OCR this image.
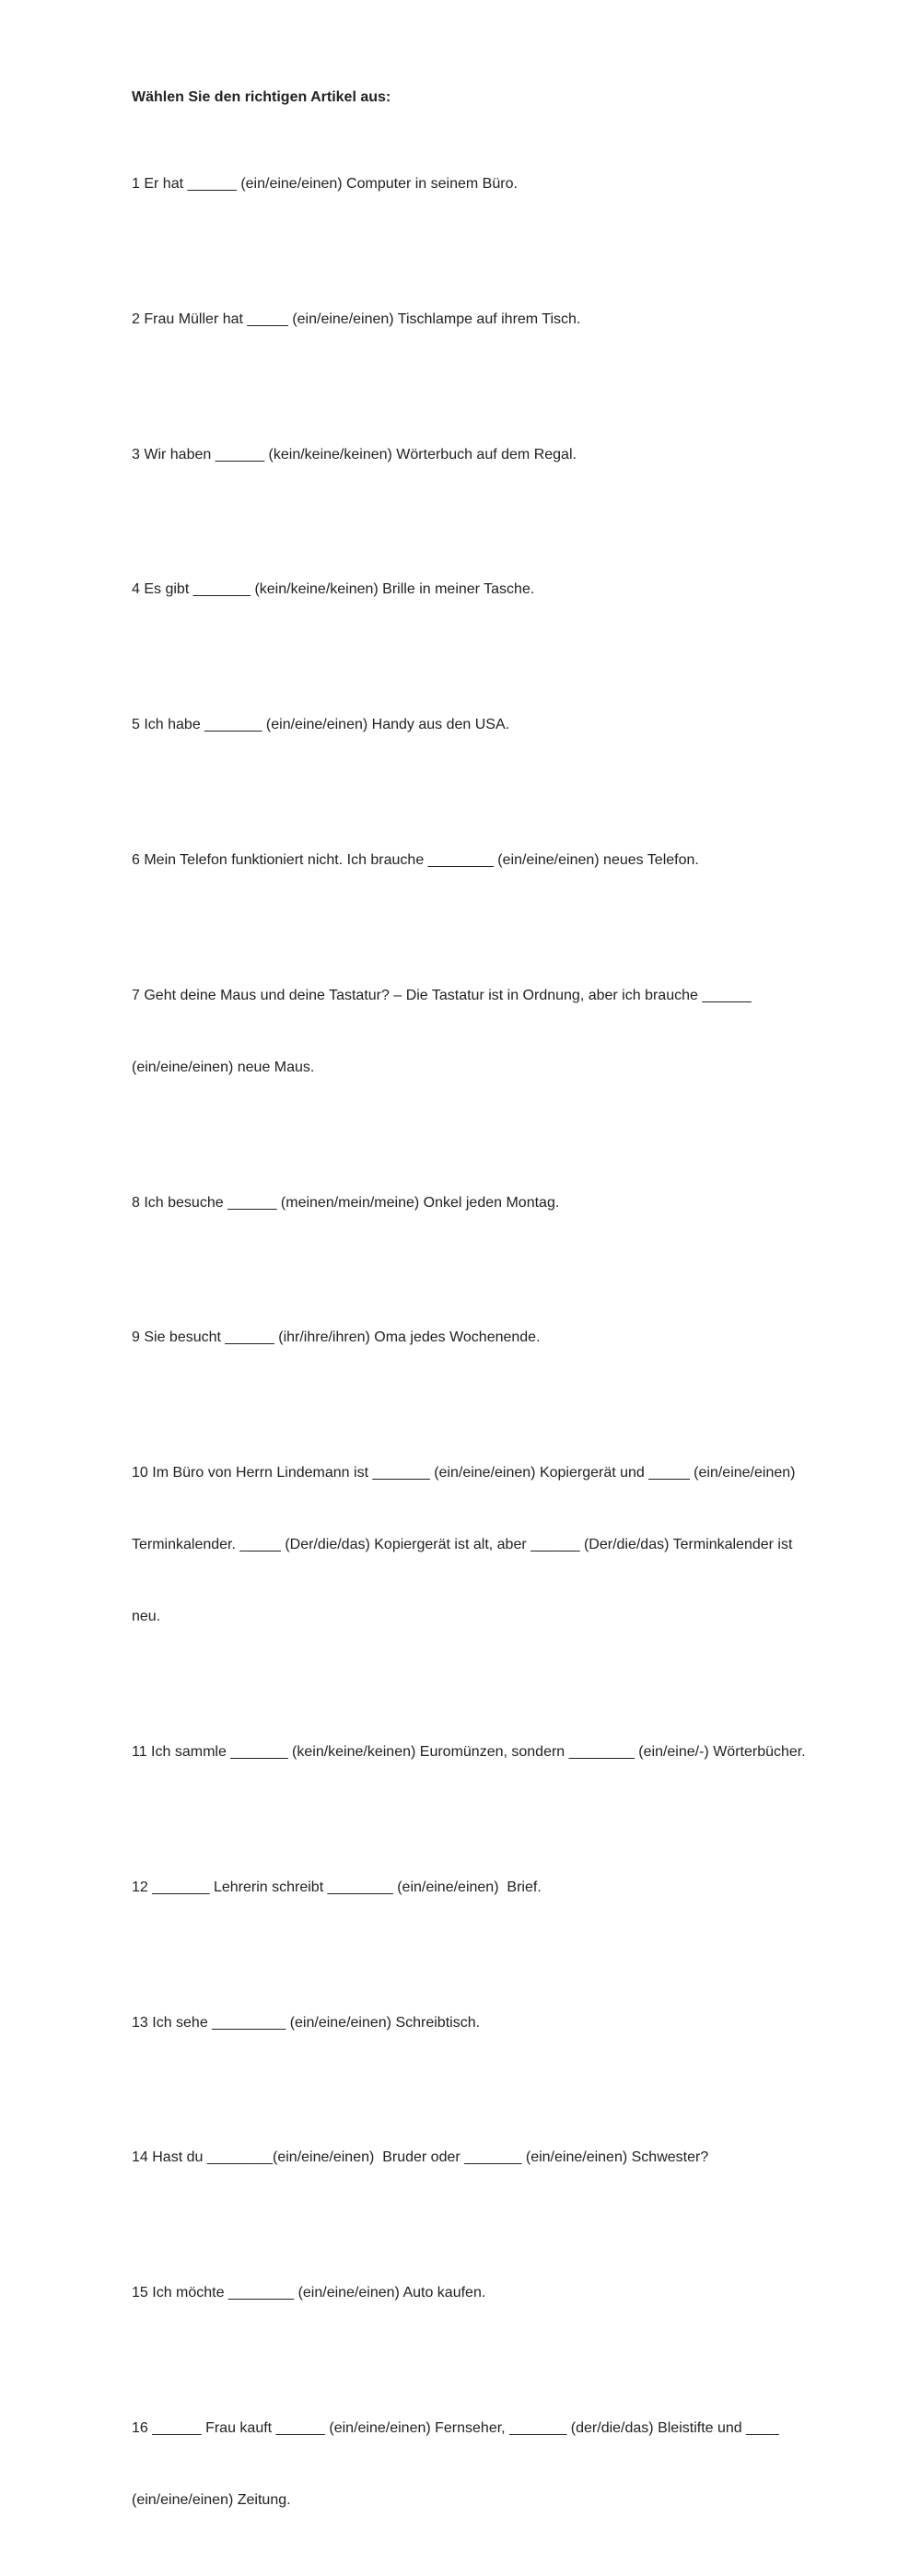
Wählen Sie den richtigen Artikel aus:

1 Er hat ______ (ein/eine/einen) Computer in seinem Büro.

2 Frau Müller hat _____ (ein/eine/einen) Tischlampe auf ihrem Tisch.

3 Wir haben ______ (kein/keine/keinen) Wörterbuch auf dem Regal.

4 Es gibt _______ (kein/keine/keinen) Brille in meiner Tasche.

5 Ich habe _______ (ein/eine/einen) Handy aus den USA.

6 Mein Telefon funktioniert nicht. Ich brauche ________ (ein/eine/einen) neues Telefon.

7 Geht deine Maus und deine Tastatur? – Die Tastatur ist in Ordnung, aber ich brauche ______

(ein/eine/einen) neue Maus.

8 Ich besuche ______ (meinen/mein/meine) Onkel jeden Montag.

9 Sie besucht ______ (ihr/ihre/ihren) Oma jedes Wochenende.

10 Im Büro von Herrn Lindemann ist _______ (ein/eine/einen) Kopiergerät und _____ (ein/eine/einen)

Terminkalender. _____ (Der/die/das) Kopiergerät ist alt, aber ______ (Der/die/das) Terminkalender ist

neu.

11 Ich sammle _______ (kein/keine/keinen) Euromünzen, sondern ________ (ein/eine/-) Wörterbücher.

12 _______ Lehrerin schreibt ________ (ein/eine/einen)  Brief.

13 Ich sehe _________ (ein/eine/einen) Schreibtisch.

14 Hast du ________(ein/eine/einen)  Bruder oder _______ (ein/eine/einen) Schwester?

15 Ich möchte ________ (ein/eine/einen) Auto kaufen.

16 ______ Frau kauft ______ (ein/eine/einen) Fernseher, _______ (der/die/das) Bleistifte und ____

(ein/eine/einen) Zeitung.
